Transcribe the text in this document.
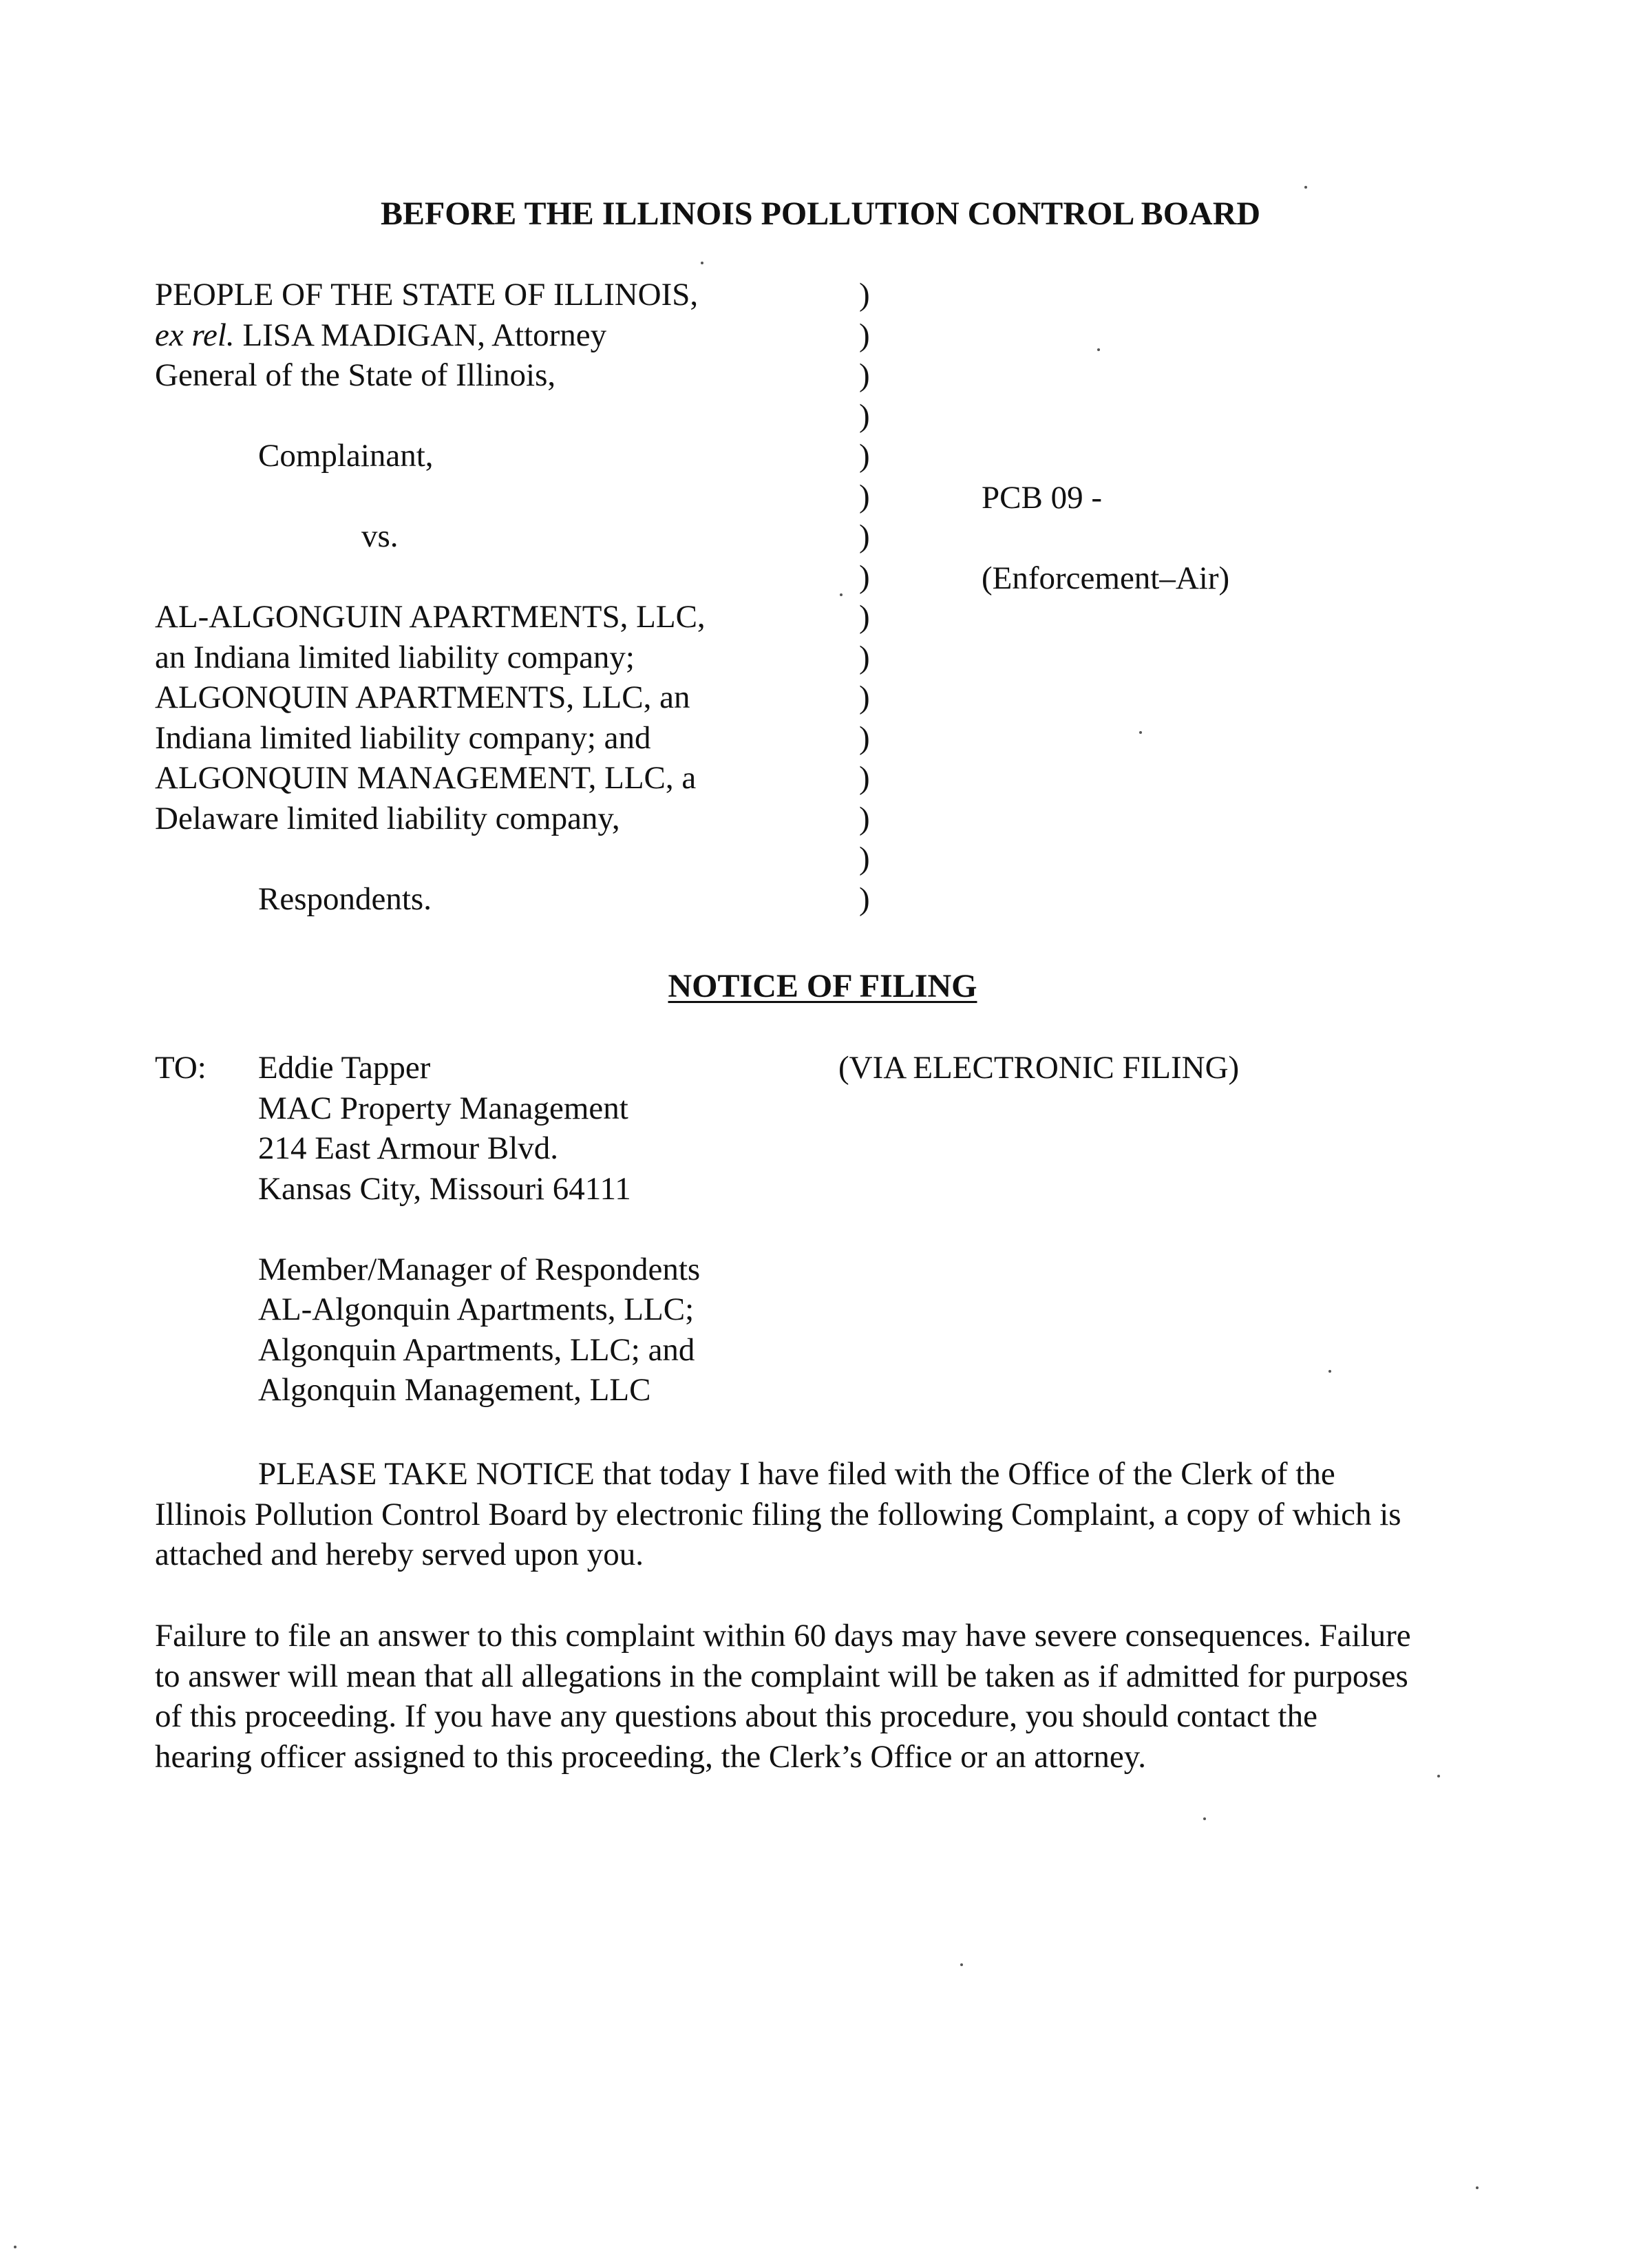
BEFORE THE ILLINOIS POLLUTION CONTROL BOARD
PEOPLE OF THE STATE OF ILLINOIS,
ex rel. LISA MADIGAN, Attorney
General of the State of Illinois,
Complainant,
vs.
AL-ALGONGUIN APARTMENTS, LLC,
an Indiana limited liability company;
ALGONQUIN APARTMENTS, LLC, an
Indiana limited liability company; and
ALGONQUIN MANAGEMENT, LLC, a
Delaware limited liability company,
Respondents.
)
)
)
)
)
)
)
)
)
)
)
)
)
)
)
)
PCB 09 -
(Enforcement–Air)
NOTICE OF FILING
TO: Eddie Tapper
MAC Property Management
214 East Armour Blvd.
Kansas City, Missouri 64111
Member/Manager of Respondents
AL-Algonquin Apartments, LLC;
Algonquin Apartments, LLC; and
Algonquin Management, LLC
(VIA ELECTRONIC FILING)
PLEASE TAKE NOTICE that today I have filed with the Office of the Clerk of the
Illinois Pollution Control Board by electronic filing the following Complaint, a copy of which is
attached and hereby served upon you.
Failure to file an answer to this complaint within 60 days may have severe consequences. Failure
to answer will mean that all allegations in the complaint will be taken as if admitted for purposes
of this proceeding. If you have any questions about this procedure, you should contact the
hearing officer assigned to this proceeding, the Clerk’s Office or an attorney.
